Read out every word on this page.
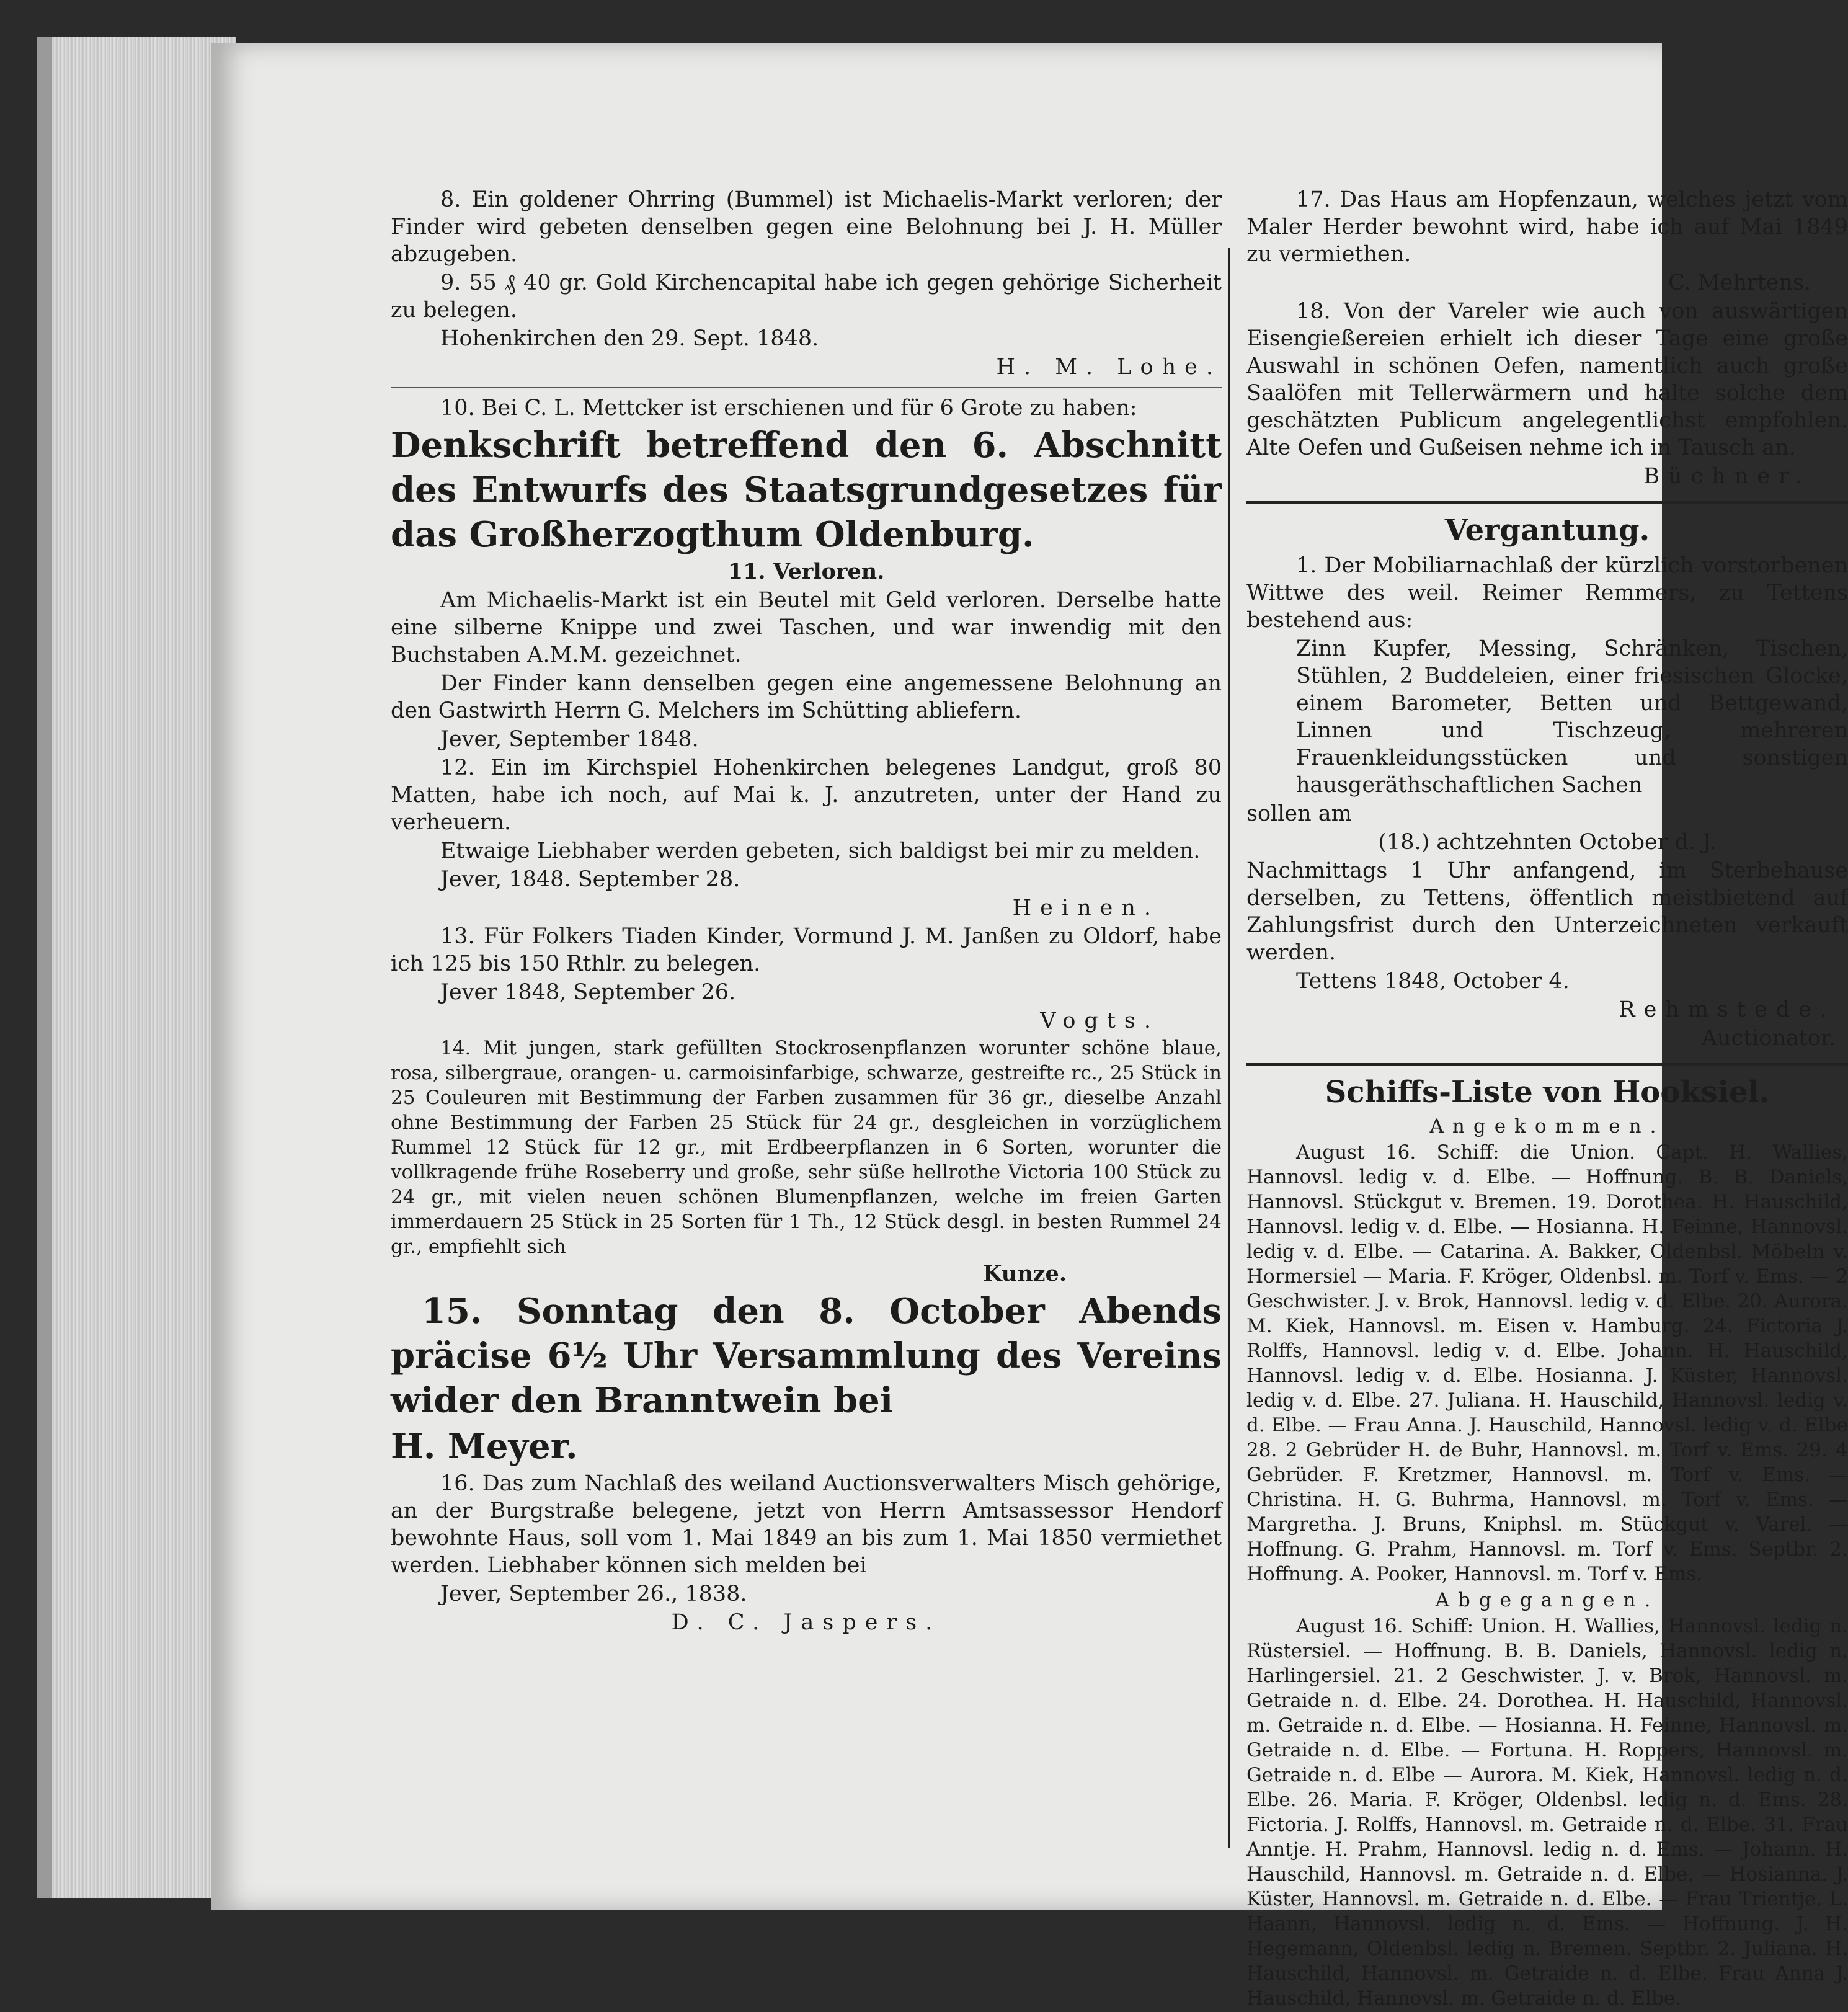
8. Ein goldener Ohrring (Bummel) ist Michaelis-Markt verloren; der Finder wird gebeten denselben gegen eine Belohnung bei J. H. Müller abzugeben.

9. 55 ₰ 40 gr. Gold Kirchencapital habe ich gegen gehörige Sicherheit zu belegen.

Hohenkirchen den 29. Sept. 1848.

H. M. Lohe.

10. Bei C. L. Mettcker ist erschienen und für 6 Grote zu haben:

Denkschrift betreffend den 6. Abschnitt des Entwurfs des Staatsgrundgesetzes für das Großherzogthum Oldenburg.

11. Verloren.

Am Michaelis-Markt ist ein Beutel mit Geld verloren. Derselbe hatte eine silberne Knippe und zwei Taschen, und war inwendig mit den Buchstaben A.M.M. gezeichnet.

Der Finder kann denselben gegen eine angemessene Belohnung an den Gastwirth Herrn G. Melchers im Schütting abliefern.

Jever, September 1848.

12. Ein im Kirchspiel Hohenkirchen belegenes Landgut, groß 80 Matten, habe ich noch, auf Mai k. J. anzutreten, unter der Hand zu verheuern.

Etwaige Liebhaber werden gebeten, sich baldigst bei mir zu melden.

Jever, 1848. September 28.

Heinen.

13. Für Folkers Tiaden Kinder, Vormund J. M. Janßen zu Oldorf, habe ich 125 bis 150 Rthlr. zu belegen.

Jever 1848, September 26.

Vogts.

14. Mit jungen, stark gefüllten Stockrosenpflanzen worunter schöne blaue, rosa, silbergraue, orangen- u. carmoisinfarbige, schwarze, gestreifte rc., 25 Stück in 25 Couleuren mit Bestimmung der Farben zusammen für 36 gr., dieselbe Anzahl ohne Bestimmung der Farben 25 Stück für 24 gr., desgleichen in vorzüglichem Rummel 12 Stück für 12 gr., mit Erdbeerpflanzen in 6 Sorten, worunter die vollkragende frühe Roseberry und große, sehr süße hellrothe Victoria 100 Stück zu 24 gr., mit vielen neuen schönen Blumenpflanzen, welche im freien Garten immerdauern 25 Stück in 25 Sorten für 1 Th., 12 Stück desgl. in besten Rummel 24 gr., empfiehlt sich

Kunze.

15. Sonntag den 8. October Abends präcise 6½ Uhr Versammlung des Vereins wider den Branntwein bei

H. Meyer.

16. Das zum Nachlaß des weiland Auctionsverwalters Misch gehörige, an der Burgstraße belegene, jetzt von Herrn Amtsassessor Hendorf bewohnte Haus, soll vom 1. Mai 1849 an bis zum 1. Mai 1850 vermiethet werden. Liebhaber können sich melden bei

Jever, September 26., 1838.

D. C. Jaspers.

17. Das Haus am Hopfenzaun, welches jetzt vom Maler Herder bewohnt wird, habe ich auf Mai 1849 zu vermiethen.

C. Mehrtens.

18. Von der Vareler wie auch von auswärtigen Eisengießereien erhielt ich dieser Tage eine große Auswahl in schönen Oefen, namentlich auch große Saalöfen mit Tellerwärmern und halte solche dem geschätzten Publicum angelegentlichst empfohlen. Alte Oefen und Gußeisen nehme ich in Tausch an.

Büchner.

Vergantung.

1. Der Mobiliarnachlaß der kürzlich vorstorbenen Wittwe des weil. Reimer Remmers, zu Tettens bestehend aus:

Zinn Kupfer, Messing, Schränken, Tischen, Stühlen, 2 Buddeleien, einer friesischen Glocke, einem Barometer, Betten und Bettgewand, Linnen und Tischzeug, mehreren Frauenkleidungsstücken und sonstigen hausgeräthschaftlichen Sachen

sollen am

(18.) achtzehnten October d. J.

Nachmittags 1 Uhr anfangend, im Sterbehause derselben, zu Tettens, öffentlich meistbietend auf Zahlungsfrist durch den Unterzeichneten verkauft werden.

Tettens 1848, October 4.

Rehmstede.

Auctionator.

Schiffs-Liste von Hooksiel.

Angekommen.

August 16. Schiff: die Union. Capt. H. Wallies, Hannovsl. ledig v. d. Elbe. — Hoffnung. B. B. Daniels, Hannovsl. Stückgut v. Bremen. 19. Dorothea. H. Hauschild, Hannovsl. ledig v. d. Elbe. — Hosianna. H. Feinne, Hannovsl. ledig v. d. Elbe. — Catarina. A. Bakker, Oldenbsl. Möbeln v. Hormersiel — Maria. F. Kröger, Oldenbsl. m. Torf v. Ems. — 2 Geschwister. J. v. Brok, Hannovsl. ledig v. d. Elbe. 20. Aurora. M. Kiek, Hannovsl. m. Eisen v. Hamburg. 24. Fictoria J. Rolffs, Hannovsl. ledig v. d. Elbe. Johann. H. Hauschild, Hannovsl. ledig v. d. Elbe. Hosianna. J. Küster, Hannovsl. ledig v. d. Elbe. 27. Juliana. H. Hauschild, Hannovsl. ledig v. d. Elbe. — Frau Anna. J. Hauschild, Hannovsl. ledig v. d. Elbe 28. 2 Gebrüder H. de Buhr, Hannovsl. m. Torf v. Ems. 29. 4 Gebrüder. F. Kretzmer, Hannovsl. m. Torf v. Ems. — Christina. H. G. Buhrma, Hannovsl. m. Torf v. Ems. — Margretha. J. Bruns, Kniphsl. m. Stückgut v. Varel. — Hoffnung. G. Prahm, Hannovsl. m. Torf v. Ems. Septbr. 2. Hoffnung. A. Pooker, Hannovsl. m. Torf v. Ems.

Abgegangen.

August 16. Schiff: Union. H. Wallies, Hannovsl. ledig n. Rüstersiel. — Hoffnung. B. B. Daniels, Hannovsl. ledig n. Harlingersiel. 21. 2 Geschwister. J. v. Brok, Hannovsl. m. Getraide n. d. Elbe. 24. Dorothea. H. Hauschild, Hannovsl. m. Getraide n. d. Elbe. — Hosianna. H. Feinne, Hannovsl. m. Getraide n. d. Elbe. — Fortuna. H. Roppers, Hannovsl. m. Getraide n. d. Elbe — Aurora. M. Kiek, Hannovsl. ledig n. d. Elbe. 26. Maria. F. Kröger, Oldenbsl. ledig n. d. Ems. 28. Fictoria. J. Rolffs, Hannovsl. m. Getraide n. d. Elbe. 31. Frau Anntje. H. Prahm, Hannovsl. ledig n. d. Ems. — Johann. H. Hauschild, Hannovsl. m. Getraide n. d. Elbe. — Hosianna. J. Küster, Hannovsl. m. Getraide n. d. Elbe. — Frau Trientje. L. Haann, Hannovsl. ledig n. d. Ems. — Hoffnung. J. H. Hegemann, Oldenbsl. ledig n. Bremen. Septbr. 2. Juliana. H. Hauschild, Hannovsl. m. Getraide n. d. Elbe. Frau Anna J. Hauschild, Hannovsl. m. Getraide n. d. Elbe.
